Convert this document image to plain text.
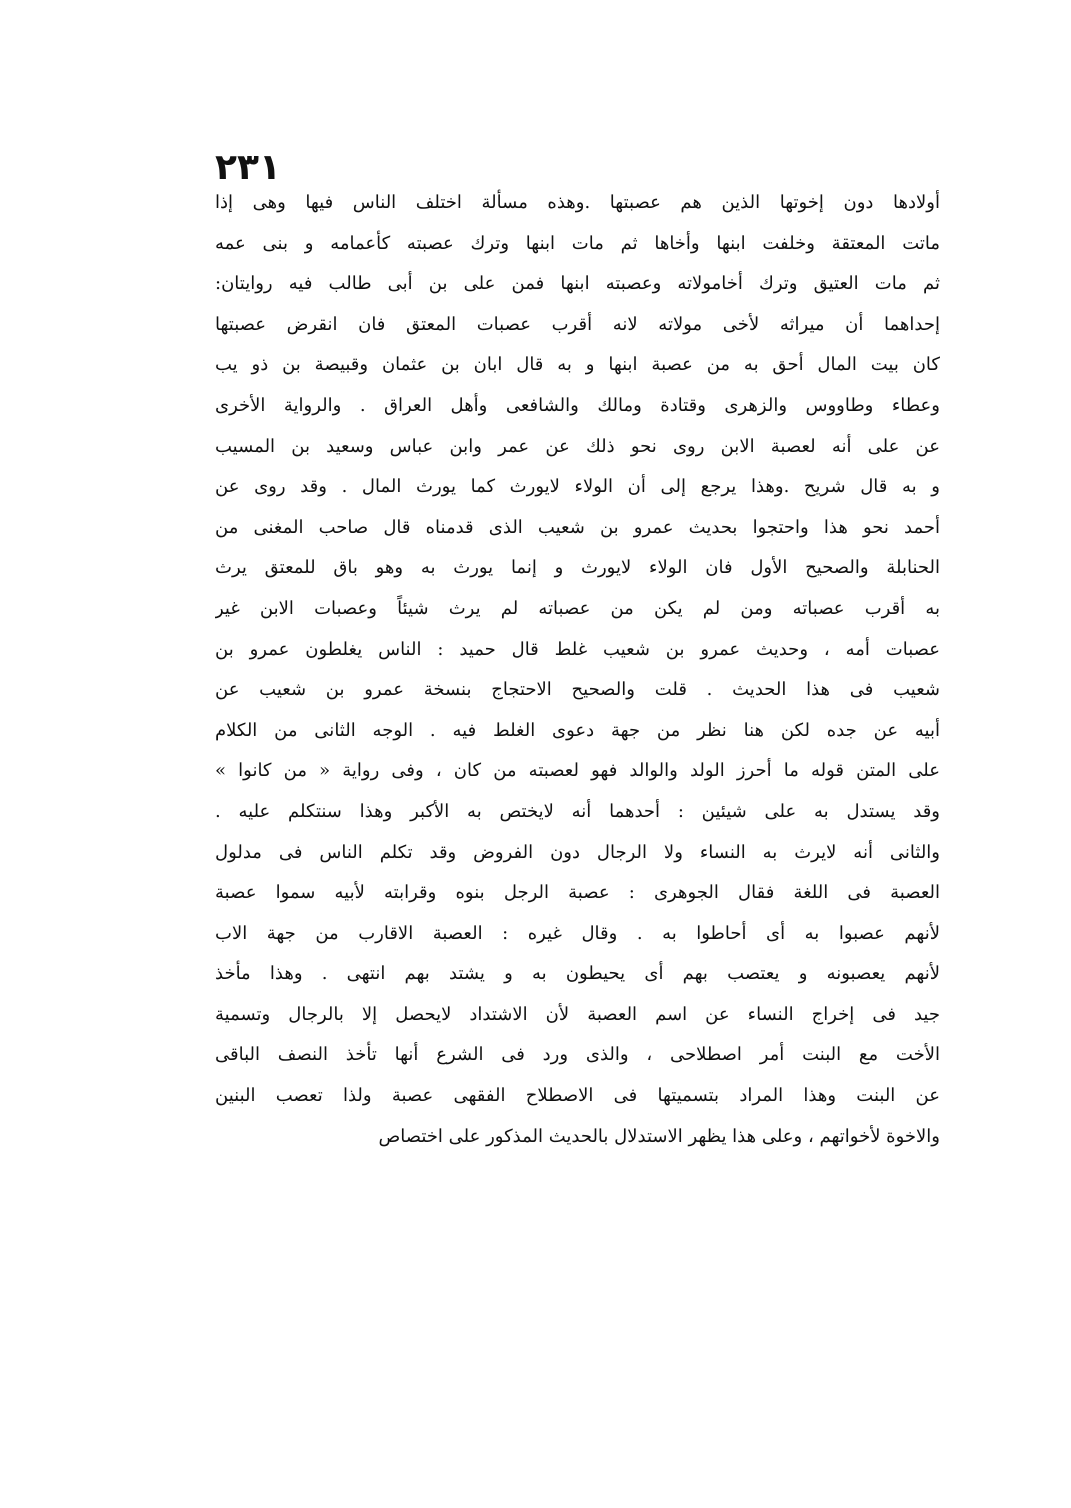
٢٣١
أولادها دون إخوتها الذين هم عصبتها .وهذه مسألة اختلف الناس فيها وهى إذا
ماتت المعتقة وخلفت ابنها وأخاها ثم مات ابنها وترك عصبته كأعمامه و بنى عمه
ثم مات العتيق وترك أخامولاته وعصبته ابنها فمن على بن أبى طالب فيه روايتان:
إحداهما أن ميراثه لأخى مولاته لانه أقرب عصبات المعتق فان انقرض عصبتها
كان بيت المال أحق به من عصبة ابنها و به قال ابان بن عثمان وقبيصة بن ذو يب
وعطاء وطاووس والزهرى وقتادة ومالك والشافعى وأهل العراق . والرواية الأخرى
عن على أنه لعصبة الابن روى نحو ذلك عن عمر وابن عباس وسعيد بن المسيب
و به قال شريح .وهذا يرجع إلى أن الولاء لايورث كما يورث المال . وقد روى عن
أحمد نحو هذا واحتجوا بحديث عمرو بن شعيب الذى قدمناه قال صاحب المغنى من
الحنابلة والصحيح الأول فان الولاء لايورث و إنما يورث به وهو باق للمعتق يرث
به أقرب عصباته ومن لم يكن من عصباته لم يرث شيئاً وعصبات الابن غير
عصبات أمه ، وحديث عمرو بن شعيب غلط قال حميد : الناس يغلطون عمرو بن
شعيب فى هذا الحديث . قلت والصحيح الاحتجاج بنسخة عمرو بن شعيب عن
أبيه عن جده لكن هنا نظر من جهة دعوى الغلط فيه . الوجه الثانى من الكلام
على المتن قوله ما أحرز الولد والوالد فهو لعصبته من كان ، وفى رواية « من كانوا »
وقد يستدل به على شيئين : أحدهما أنه لايختص به الأكبر وهذا سنتكلم عليه .
والثانى أنه لايرث به النساء ولا الرجال دون الفروض وقد تكلم الناس فى مدلول
العصبة فى اللغة فقال الجوهرى : عصبة الرجل بنوه وقرابته لأبيه سموا عصبة
لأنهم عصبوا به أى أحاطوا به . وقال غيره : العصبة الاقارب من جهة الاب
لأنهم يعصبونه و يعتصب بهم أى يحيطون به و يشتد بهم انتهى . وهذا مأخذ
جيد فى إخراج النساء عن اسم العصبة لأن الاشتداد لايحصل إلا بالرجال وتسمية
الأخت مع البنت أمر اصطلاحى ، والذى ورد فى الشرع أنها تأخذ النصف الباقى
عن البنت وهذا المراد بتسميتها فى الاصطلاح الفقهى عصبة ولذا تعصب البنين
والاخوة لأخواتهم ، وعلى هذا يظهر الاستدلال بالحديث المذكور على اختصاص
